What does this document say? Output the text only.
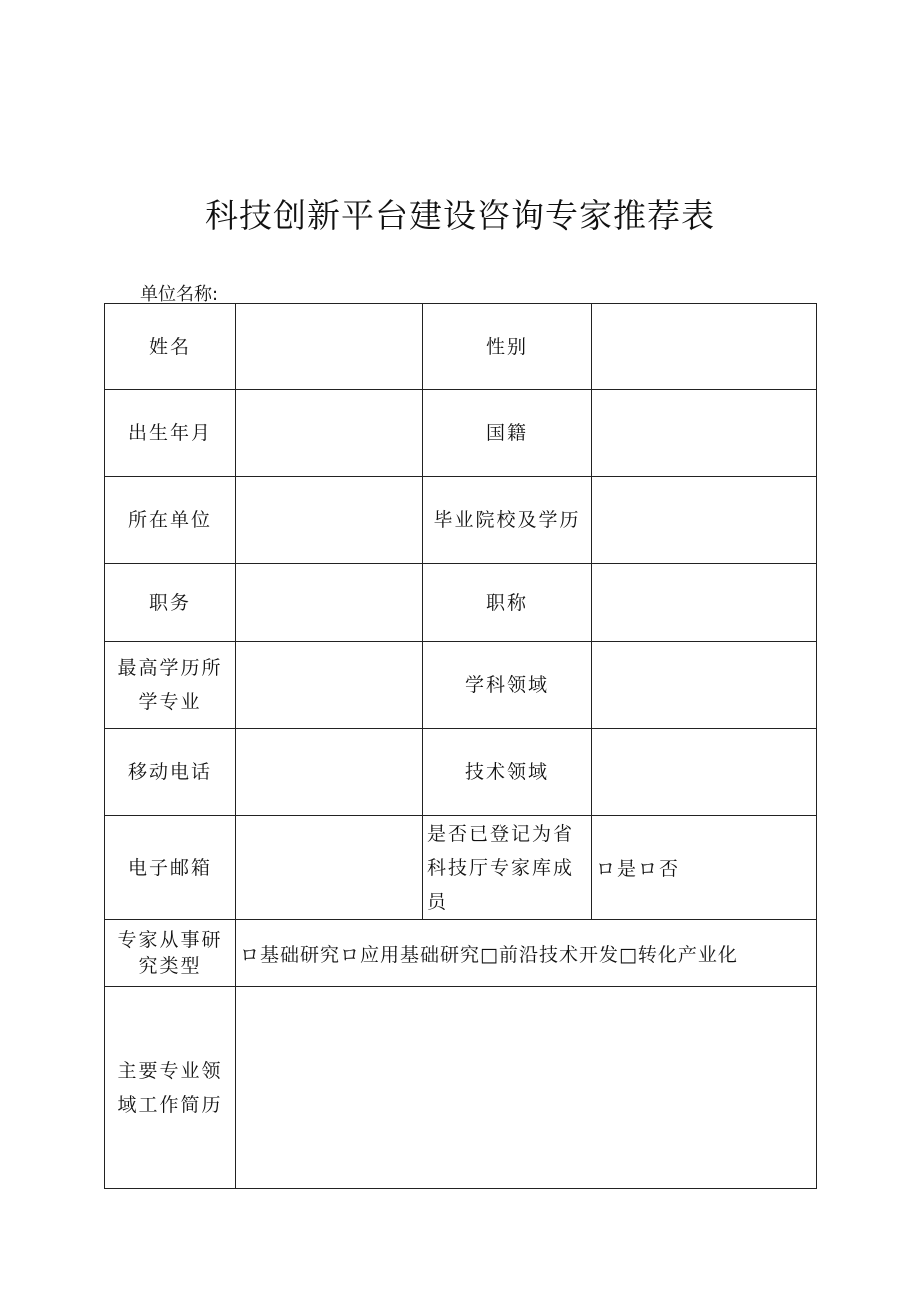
科技创新平台建设咨询专家推荐表
单位名称:
姓名		性别	
出生年月		国籍	
所在单位		毕业院校及学历	
职务		职称	
最高学历所学专业		学科领域	
移动电话		技术领域	
电子邮箱		是否已登记为省科技厅专家库成员	ロ是ロ否
专家从事研究类型	ロ基础研究ロ应用基础研究□前沿技术开发□转化产业化		
主要专业领域工作简历			
